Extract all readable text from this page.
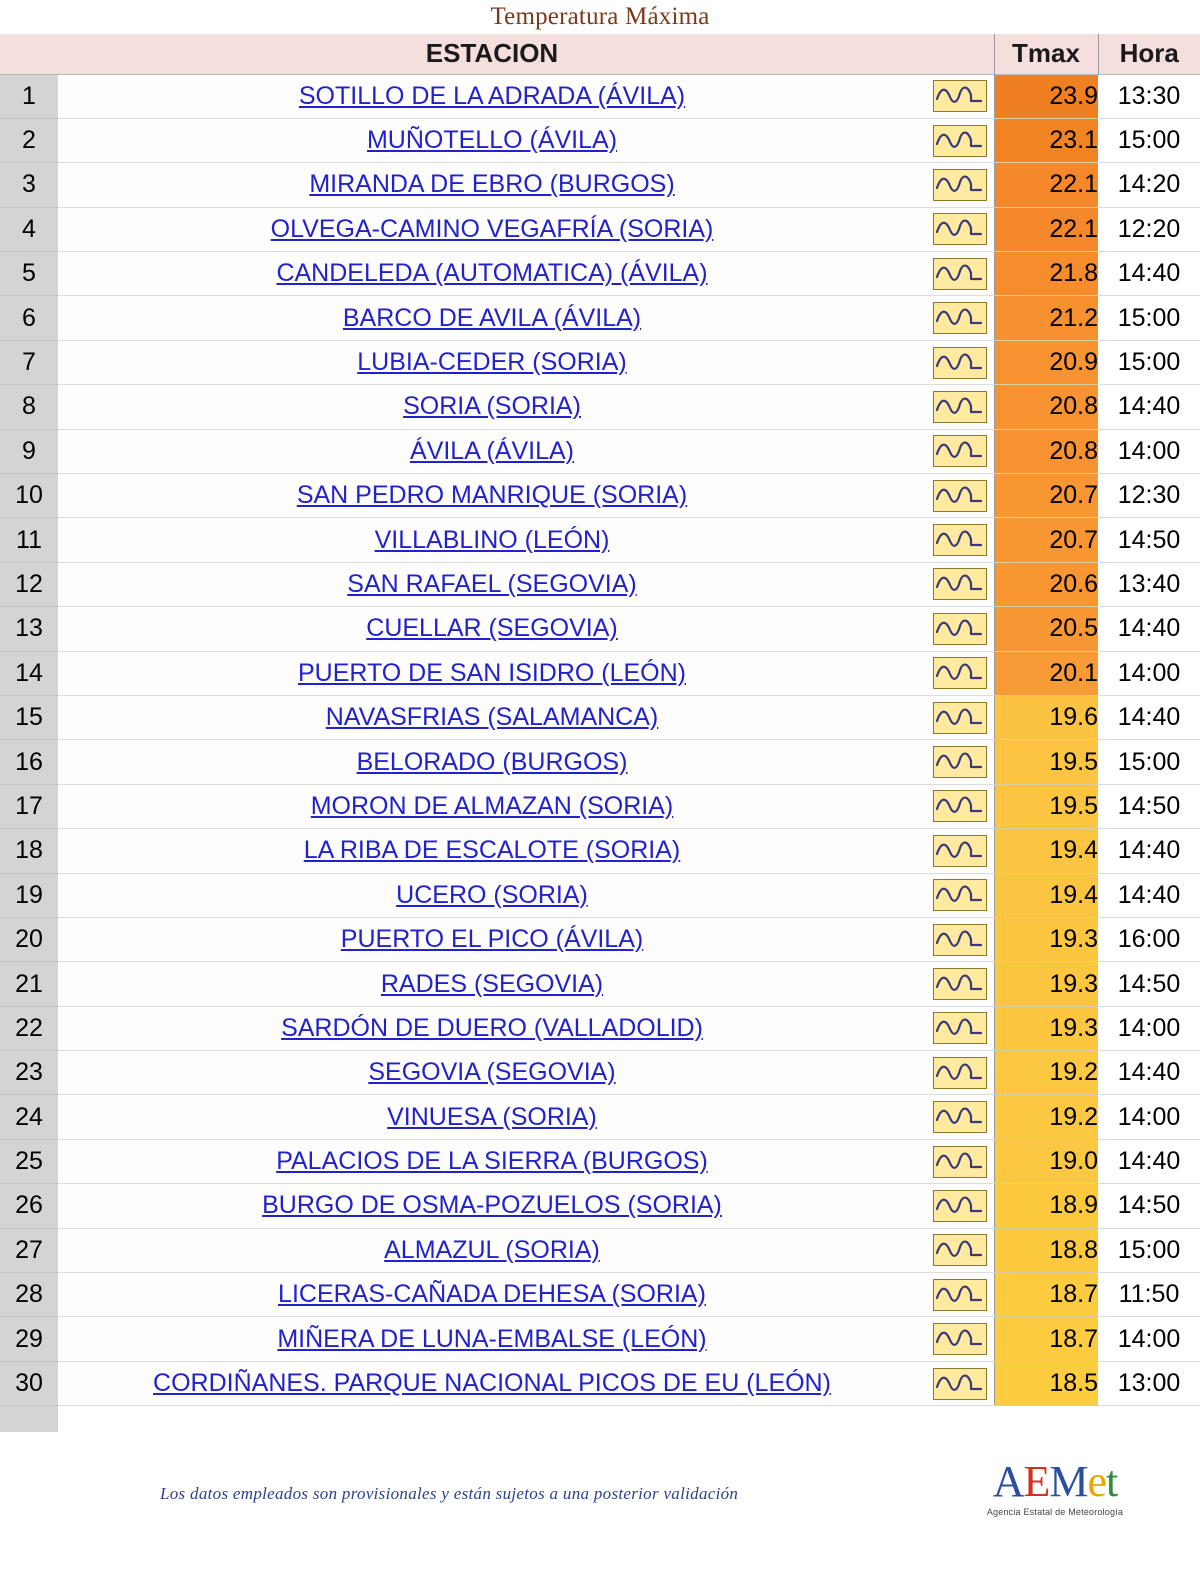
Temperatura Máxima
	ESTACION		Tmax	Hora
1	SOTILLO DE LA ADRADA (ÁVILA)		23.9	13:30
2	MUÑOTELLO (ÁVILA)		23.1	15:00
3	MIRANDA DE EBRO (BURGOS)		22.1	14:20
4	OLVEGA-CAMINO VEGAFRÍA (SORIA)		22.1	12:20
5	CANDELEDA (AUTOMATICA) (ÁVILA)		21.8	14:40
6	BARCO DE AVILA (ÁVILA)		21.2	15:00
7	LUBIA-CEDER (SORIA)		20.9	15:00
8	SORIA (SORIA)		20.8	14:40
9	ÁVILA (ÁVILA)		20.8	14:00
10	SAN PEDRO MANRIQUE (SORIA)		20.7	12:30
11	VILLABLINO (LEÓN)		20.7	14:50
12	SAN RAFAEL (SEGOVIA)		20.6	13:40
13	CUELLAR (SEGOVIA)		20.5	14:40
14	PUERTO DE SAN ISIDRO (LEÓN)		20.1	14:00
15	NAVASFRIAS (SALAMANCA)		19.6	14:40
16	BELORADO (BURGOS)		19.5	15:00
17	MORON DE ALMAZAN (SORIA)		19.5	14:50
18	LA RIBA DE ESCALOTE (SORIA)		19.4	14:40
19	UCERO (SORIA)		19.4	14:40
20	PUERTO EL PICO (ÁVILA)		19.3	16:00
21	RADES (SEGOVIA)		19.3	14:50
22	SARDÓN DE DUERO (VALLADOLID)		19.3	14:00
23	SEGOVIA (SEGOVIA)		19.2	14:40
24	VINUESA (SORIA)		19.2	14:00
25	PALACIOS DE LA SIERRA (BURGOS)		19.0	14:40
26	BURGO DE OSMA-POZUELOS (SORIA)		18.9	14:50
27	ALMAZUL (SORIA)		18.8	15:00
28	LICERAS-CAÑADA DEHESA (SORIA)		18.7	11:50
29	MIÑERA DE LUNA-EMBALSE (LEÓN)		18.7	14:00
30	CORDIÑANES. PARQUE NACIONAL PICOS DE EU (LEÓN)		18.5	13:00

Los datos empleados son provisionales y están sujetos a una posterior validación	AEMet
Agencia Estatal de Meteorología
